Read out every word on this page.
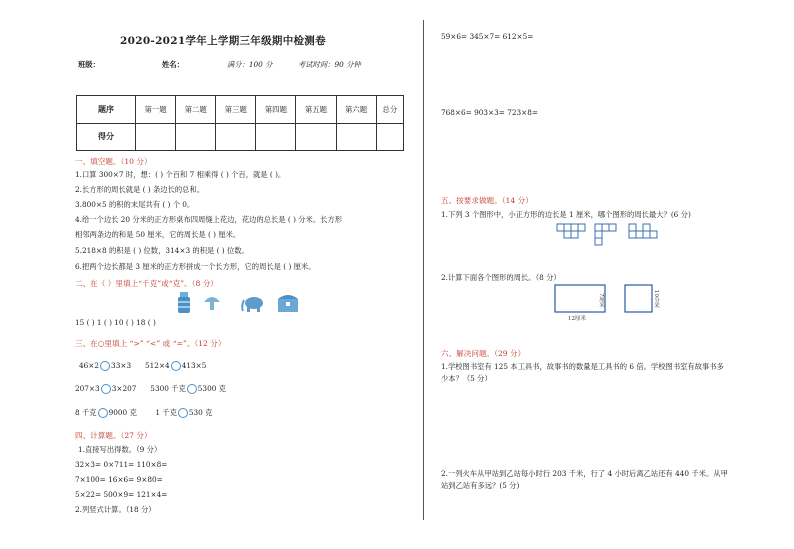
2020-2021学年上学期三年级期中检测卷
班级：	姓名：	满分：100 分	考试时间：90 分钟
题序	第一题	第二题	第三题	第四题	第五题	第六题	总分
得分							
一、填空题。（10 分）
1.口算 300×7 时，想：( ) 个百和 7 相乘得 ( ) 个百，就是 ( )。
2.长方形的周长就是 ( ) 条边长的总和。
3.800×5 的积的末尾共有 ( ) 个 0。
4.给一个边长 20 分米的正方形桌布四周缝上花边，花边的总长是 ( ) 分米。长方形
相邻两条边的和是 50 厘米，它的周长是 ( ) 厘米。
5.218×8 的积是 ( ) 位数，314×3 的积是 ( ) 位数。
6.把两个边长都是 3 厘米的正方形拼成一个长方形，它的周长是 ( ) 厘米。
二、在（ ）里填上“千克”或“克”。（8 分）
15 ( ) 1 ( ) 10 ( ) 18 ( )
三、在○里填上 “>” “<” 或 “=”。（12 分）
46×2 33×3 512×4 413×5
207×3 3×207 5300 千克 5300 克
8 千克 9000 克	1 千克 530 克
四、计算题。（27 分）
1.直接写出得数。（9 分）
32×3= 0×711= 110×8=
7×100= 16×6= 9×80=
5×22= 500×9= 121×4=
2.列竖式计算。（18 分）
59×6= 345×7= 612×5=
768×6= 903×3= 723×8=
五、按要求做题。（14 分）
1.下列 3 个图形中，小正方形的边长是 1 厘米，哪个图形的周长最大？(6 分)
2.计算下面各个图形的周长。（8 分）
12厘米
7厘米	10分米
六、解决问题。（29 分）
1.学校图书室有 125 本工具书，故事书的数量是工具书的 6 倍。学校图书室有故事书多
少本？（5 分）
2.一列火车从甲站到乙站每小时行 203 千米，行了 4 小时后离乙站还有 440 千米。从甲
站到乙站有多远？(5 分)
